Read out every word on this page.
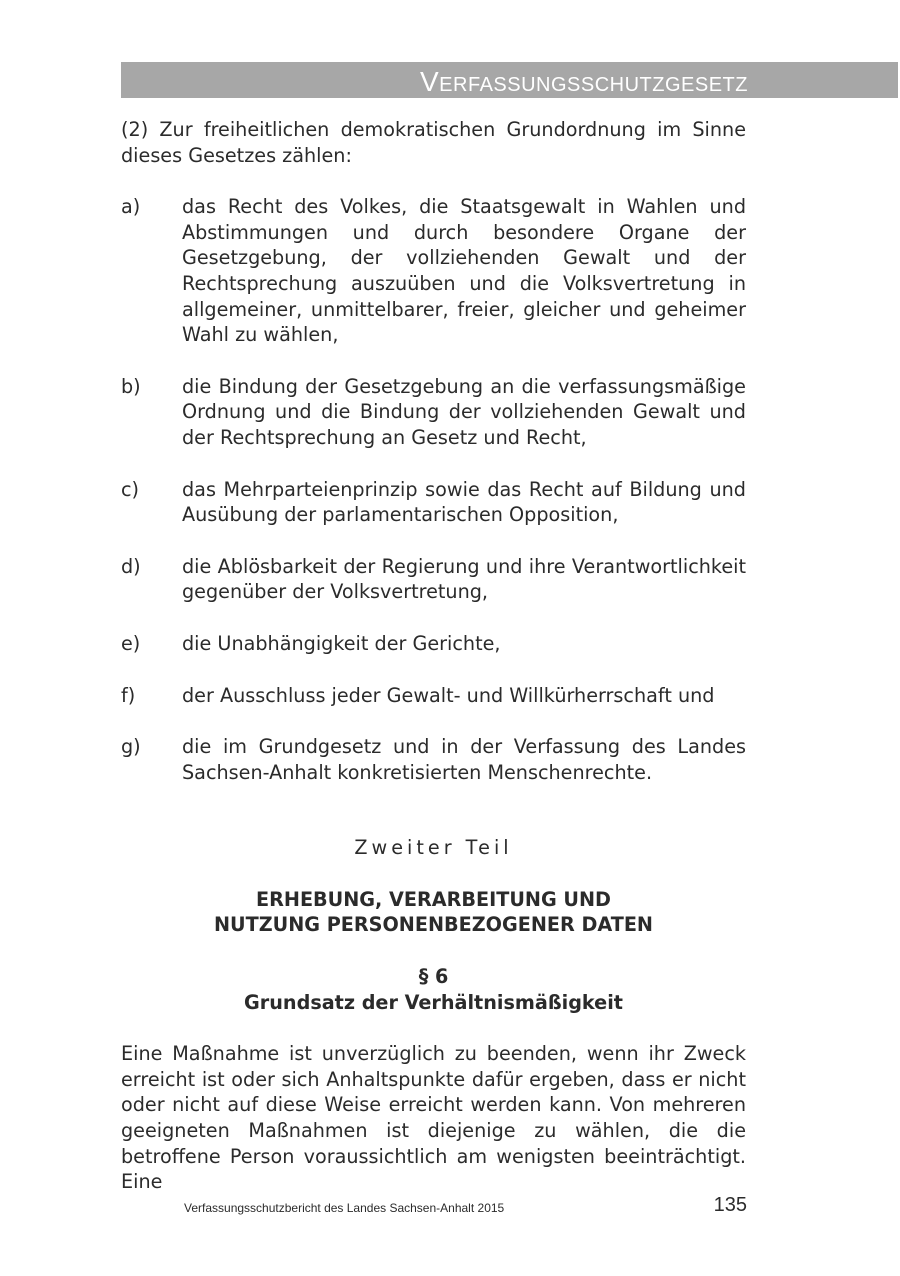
Verfassungsschutzgesetz

(2) Zur freiheitlichen demokratischen Grundordnung im Sinne dieses Gesetzes zählen:

a)	das Recht des Volkes, die Staatsgewalt in Wahlen und Abstimmungen und durch besondere Organe der Gesetzgebung, der vollziehenden Gewalt und der Rechtsprechung auszuüben und die Volksvertretung in allgemeiner, unmittelbarer, freier, gleicher und geheimer Wahl zu wählen,
b)	die Bindung der Gesetzgebung an die verfassungsmäßige Ordnung und die Bindung der vollziehenden Gewalt und der Rechtsprechung an Gesetz und Recht,
c)	das Mehrparteienprinzip sowie das Recht auf Bildung und Ausübung der parlamentarischen Opposition,
d)	die Ablösbarkeit der Regierung und ihre Verantwortlichkeit gegenüber der Volksvertretung,
e)	die Unabhängigkeit der Gerichte,
f)	der Ausschluss jeder Gewalt- und Willkürherrschaft und
g)	die im Grundgesetz und in der Verfassung des Landes Sachsen-Anhalt konkretisierten Menschenrechte.
Zweiter Teil
ERHEBUNG, VERARBEITUNG UND
NUTZUNG PERSONENBEZOGENER DATEN
§ 6
Grundsatz der Verhältnismäßigkeit

Eine Maßnahme ist unverzüglich zu beenden, wenn ihr Zweck erreicht ist oder sich Anhaltspunkte dafür ergeben, dass er nicht oder nicht auf diese Weise erreicht werden kann. Von mehreren geeigneten Maßnahmen ist diejenige zu wählen, die die betroffene Person voraussichtlich am wenigsten beeinträchtigt. Eine

Verfassungsschutzbericht des Landes Sachsen-Anhalt 2015	135
